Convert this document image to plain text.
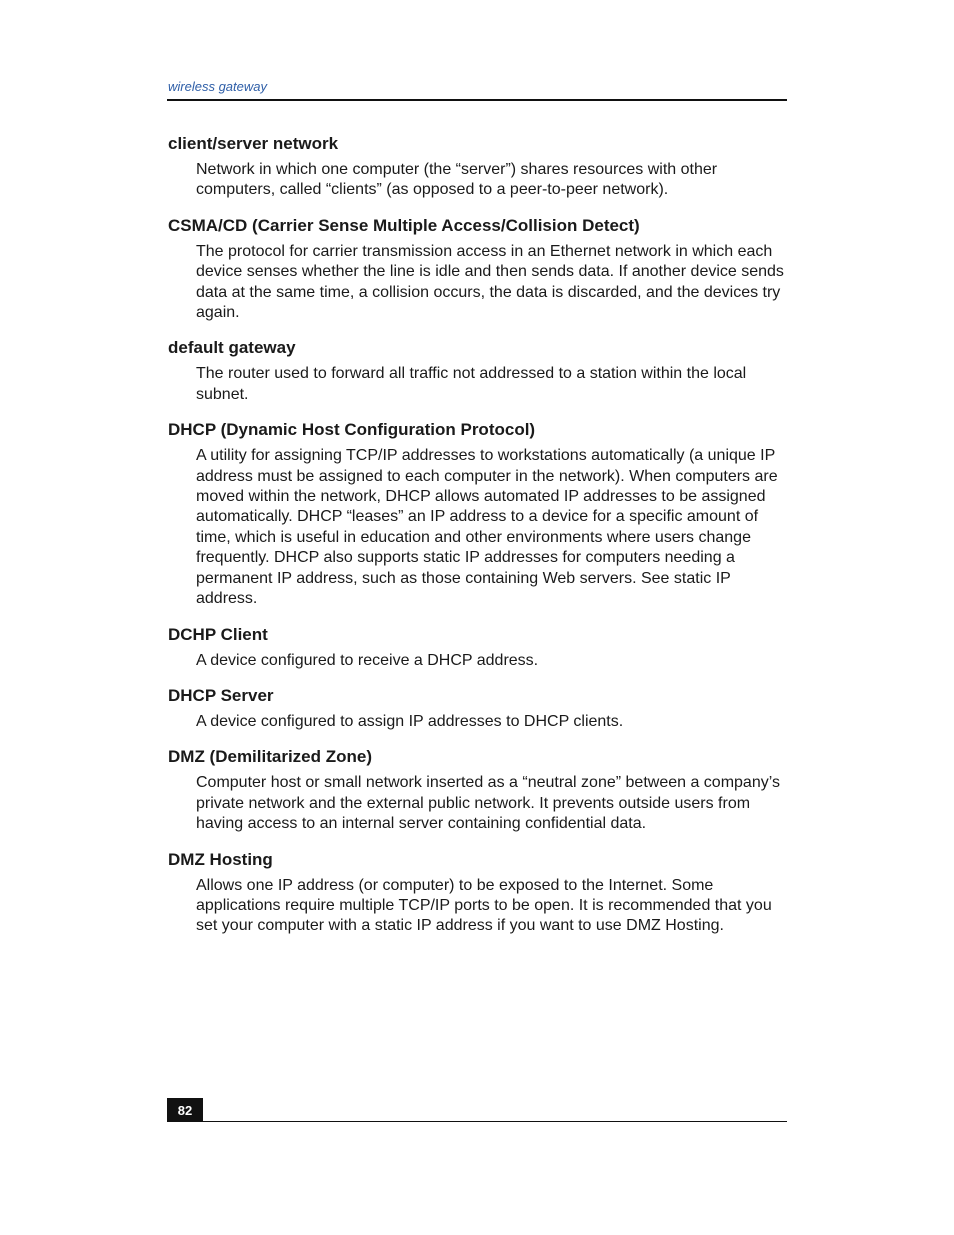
wireless gateway
client/server network
Network in which one computer (the “server”) shares resources with other computers, called “clients” (as opposed to a peer-to-peer network).
CSMA/CD (Carrier Sense Multiple Access/Collision Detect)
The protocol for carrier transmission access in an Ethernet network in which each device senses whether the line is idle and then sends data. If another device sends data at the same time, a collision occurs, the data is discarded, and the devices try again.
default gateway
The router used to forward all traffic not addressed to a station within the local subnet.
DHCP (Dynamic Host Configuration Protocol)
A utility for assigning TCP/IP addresses to workstations automatically (a unique IP address must be assigned to each computer in the network). When computers are moved within the network, DHCP allows automated IP addresses to be assigned automatically. DHCP “leases” an IP address to a device for a specific amount of time, which is useful in education and other environments where users change frequently. DHCP also supports static IP addresses for computers needing a permanent IP address, such as those containing Web servers. See static IP address.
DCHP Client
A device configured to receive a DHCP address.
DHCP Server
A device configured to assign IP addresses to DHCP clients.
DMZ (Demilitarized Zone)
Computer host or small network inserted as a “neutral zone” between a company’s private network and the external public network. It prevents outside users from having access to an internal server containing confidential data.
DMZ Hosting
Allows one IP address (or computer) to be exposed to the Internet. Some applications require multiple TCP/IP ports to be open. It is recommended that you set your computer with a static IP address if you want to use DMZ Hosting.
82
